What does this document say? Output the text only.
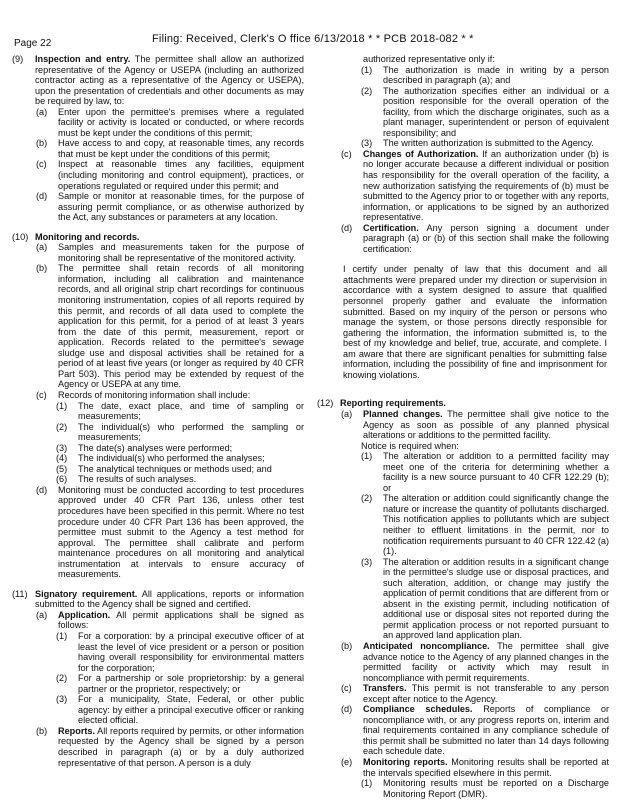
Page 22	Filing: Received, Clerk's O ffice 6/13/2018 * * PCB 2018-082 * *
(9) Inspection and entry. The permittee shall allow an authorized representative of the Agency or USEPA (including an authorized contractor acting as a representative of the Agency or USEPA), upon the presentation of credentials and other documents as may be required by law, to:
(a) Enter upon the permittee's premises where a regulated facility or activity is located or conducted, or where records must be kept under the conditions of this permit;
(b) Have access to and copy, at reasonable times, any records that must be kept under the conditions of this permit;
(c) Inspect at reasonable times any facilities, equipment (including monitoring and control equipment), practices, or operations regulated or required under this permit; and
(d) Sample or monitor at reasonable times, for the purpose of assuring permit compliance, or as otherwise authorized by the Act, any substances or parameters at any location.
(10) Monitoring and records.
(a) Samples and measurements taken for the purpose of monitoring shall be representative of the monitored activity.
(b) The permittee shall retain records of all monitoring information, including all calibration and maintenance records, and all original strip chart recordings for continuous monitoring instrumentation, copies of all reports required by this permit, and records of all data used to complete the application for this permit, for a period of at least 3 years from the date of this permit, measurement, report or application. Records related to the permittee's sewage sludge use and disposal activities shall be retained for a period of at least five years (or longer as required by 40 CFR Part 503). This period may be extended by request of the Agency or USEPA at any time.
(c) Records of monitoring information shall include:
(1) The date, exact place, and time of sampling or measurements;
(2) The individual(s) who performed the sampling or measurements;
(3) The date(s) analyses were performed;
(4) The individual(s) who performed the analyses;
(5) The analytical techniques or methods used; and
(6) The results of such analyses.
(d) Monitoring must be conducted according to test procedures approved under 40 CFR Part 136, unless other test procedures have been specified in this permit. Where no test procedure under 40 CFR Part 136 has been approved, the permittee must submit to the Agency a test method for approval. The permittee shall calibrate and perform maintenance procedures on all monitoring and analytical instrumentation at intervals to ensure accuracy of measurements.
(11) Signatory requirement. All applications, reports or information submitted to the Agency shall be signed and certified.
(a) Application. All permit applications shall be signed as follows:
(1) For a corporation: by a principal executive officer of at least the level of vice president or a person or position having overall responsibility for environmental matters for the corporation;
(2) For a partnership or sole proprietorship: by a general partner or the proprietor, respectively; or
(3) For a municipality, State, Federal, or other public agency: by either a principal executive officer or ranking elected official.
(b) Reports. All reports required by permits, or other information requested by the Agency shall be signed by a person described in paragraph (a) or by a duly authorized representative of that person. A person is a duly
authorized representative only if:
(1) The authorization is made in writing by a person described in paragraph (a); and
(2) The authorization specifies either an individual or a position responsible for the overall operation of the facility, from which the discharge originates, such as a plant manager, superintendent or person of equivalent responsibility; and
(3) The written authorization is submitted to the Agency.
(c) Changes of Authorization. If an authorization under (b) is no longer accurate because a different individual or position has responsibility for the overall operation of the facility, a new authorization satisfying the requirements of (b) must be submitted to the Agency prior to or together with any reports, information, or applications to be signed by an authorized representative.
(d) Certification. Any person signing a document under paragraph (a) or (b) of this section shall make the following certification:
I certify under penalty of law that this document and all attachments were prepared under my direction or supervision in accordance with a system designed to assure that qualified personnel properly gather and evaluate the information submitted. Based on my inquiry of the person or persons who manage the system, or those persons directly responsible for gathering the information, the information submitted is, to the best of my knowledge and belief, true, accurate, and complete. I am aware that there are significant penalties for submitting false information, including the possibility of fine and imprisonment for knowing violations.
(12) Reporting requirements.
(a) Planned changes. The permittee shall give notice to the Agency as soon as possible of any planned physical alterations or additions to the permitted facility.
Notice is required when:
(1) The alteration or addition to a permitted facility may meet one of the criteria for determining whether a facility is a new source pursuant to 40 CFR 122.29 (b); or
(2) The alteration or addition could significantly change the nature or increase the quantity of pollutants discharged. This notification applies to pollutants which are subject neither to effluent limitations in the permit, nor to notification requirements pursuant to 40 CFR 122.42 (a)(1).
(3) The alteration or addition results in a significant change in the permittee's sludge use or disposal practices, and such alteration, addition, or change may justify the application of permit conditions that are different from or absent in the existing permit, including notification of additional use or disposal sites not reported during the permit application process or not reported pursuant to an approved land application plan.
(b) Anticipated noncompliance. The permittee shall give advance notice to the Agency of any planned changes in the permitted facility or activity which may result in noncompliance with permit requirements.
(c) Transfers. This permit is not transferable to any person except after notice to the Agency.
(d) Compliance schedules. Reports of compliance or noncompliance with, or any progress reports on, interim and final requirements contained in any compliance schedule of this permit shall be submitted no later than 14 days following each schedule date.
(e) Monitoring reports. Monitoring results shall be reported at the intervals specified elsewhere in this permit.
(1) Monitoring results must be reported on a Discharge Monitoring Report (DMR).
